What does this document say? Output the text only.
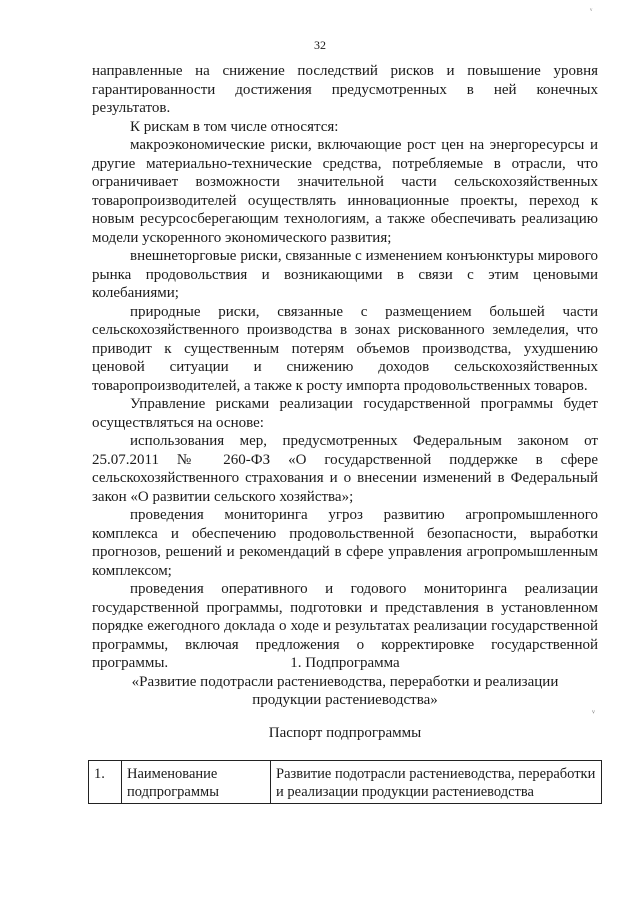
32
ᵛ

направленные на снижение последствий рисков и повышение уровня гарантированности достижения предусмотренных в ней конечных результатов.

К рискам в том числе относятся:

макроэкономические риски, включающие рост цен на энергоресурсы и другие материально-технические средства, потребляемые в отрасли, что ограничивает возможности значительной части сельскохозяйственных товаропроизводителей осуществлять инновационные проекты, переход к новым ресурсосберегающим технологиям, а также обеспечивать реализацию модели ускоренного экономического развития;

внешнеторговые риски, связанные с изменением конъюнктуры мирового рынка продовольствия и возникающими в связи с этим ценовыми колебаниями;

природные риски, связанные с размещением большей части сельскохозяйственного производства в зонах рискованного земледелия, что приводит к существенным потерям объемов производства, ухудшению ценовой ситуации и снижению доходов сельскохозяйственных товаропроизводителей, а также к росту импорта продовольственных товаров.

Управление рисками реализации государственной программы будет осуществляться на основе:

использования мер, предусмотренных Федеральным законом от 25.07.2011 № 260-ФЗ «О государственной поддержке в сфере сельскохозяйственного страхования и о внесении изменений в Федеральный закон «О развитии сельского хозяйства»;

проведения мониторинга угроз развитию агропромышленного комплекса и обеспечению продовольственной безопасности, выработки прогнозов, решений и рекомендаций в сфере управления агропромышленным комплексом;

проведения оперативного и годового мониторинга реализации государственной программы, подготовки и представления в установленном порядке ежегодного доклада о ходе и результатах реализации государственной программы, включая предложения о корректировке государственной программы.	1. Подпрограмма
«Развитие подотрасли растениеводства, переработки и реализации
продукции растениеводства»
ᵛ
Паспорт подпрограммы
1.	Наименование подпрограммы	Развитие подотрасли растениеводства, переработки и реализации продукции растениеводства
